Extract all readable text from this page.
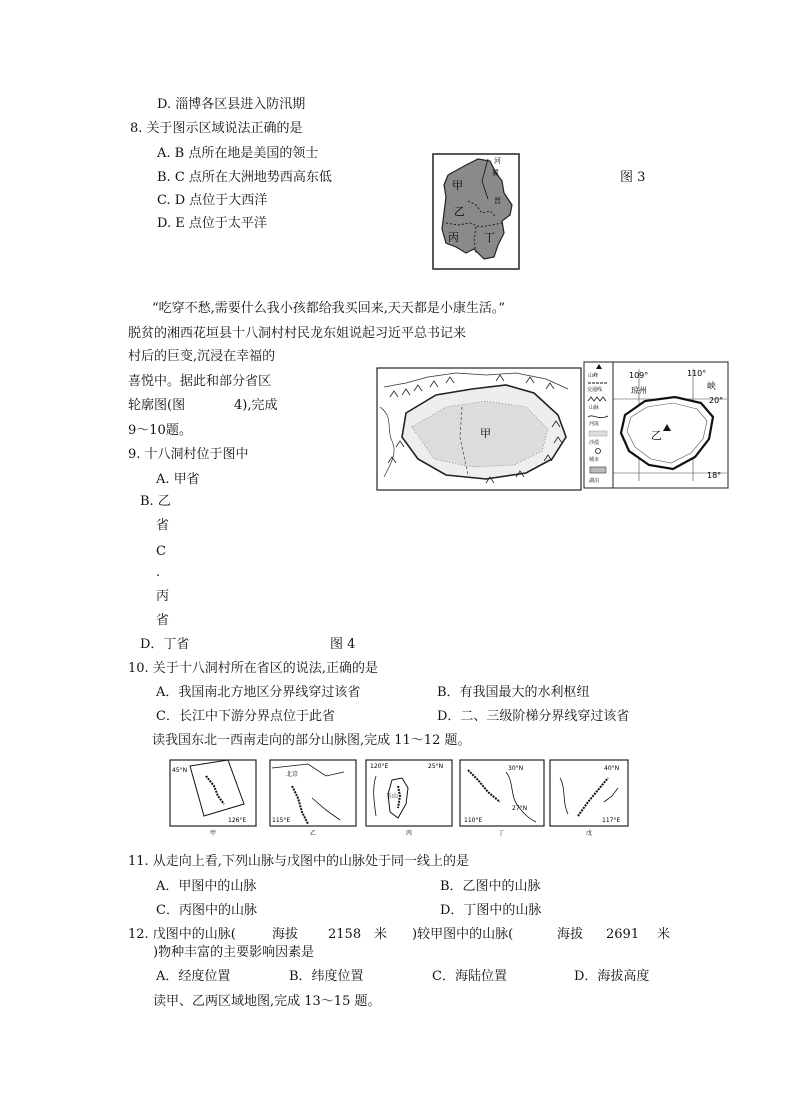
D. 淄博各区县进入防汛期
8. 关于图示区域说法正确的是
A. B 点所在地是美国的领士
B. C 点所在大洲地势西高东低
C. D 点位于大西洋
D. E 点位于太平洋
图 3
河
冀
甲
乙
晋
丙 丁
“吃穿不愁,需要什么我小孩都给我买回来,天天都是小康生活。”
脱贫的湘西花垣县十八洞村村民龙东姐说起习近平总书记来
村后的巨变,沉浸在幸福的
喜悦中。据此和部分省区
轮廓图(图	4),完成
9～10题。	甲
山峰
交通线
山脉
河流
沙漠
城市
湖泊
109°	110°
20°
18°
琼州	峡
乙
图 4
9. 十八洞村位于图中
A. 甲省
B. 乙
省
C
.
丙
省
D．丁省
10. 关于十八洞村所在省区的说法,正确的是
A．我国南北方地区分界线穿过该省	B．有我国最大的水利枢纽
C．长江中下游分界点位于此省	D．二、三级阶梯分界线穿过该省
读我国东北一西南走向的部分山脉图,完成 11～12 题。
45°N
126°E
甲
北京
115°E
乙
25°N
120°E
玉山
丙
30°N
27°N
110°E
丁
40°N
117°E
戊
11. 从走向上看,下列山脉与戊图中的山脉处于同一线上的是
A．甲图中的山脉	B．乙图中的山脉
C．丙图中的山脉	D．丁图中的山脉
12. 戊图中的山脉(	海拔 2158 米 )较甲图中的山脉(	海拔 2691 米
)物种丰富的主要影响因素是
A．经度位置	B．纬度位置	C．海陆位置	D．海拔高度
读甲、乙两区域地图,完成 13～15 题。
